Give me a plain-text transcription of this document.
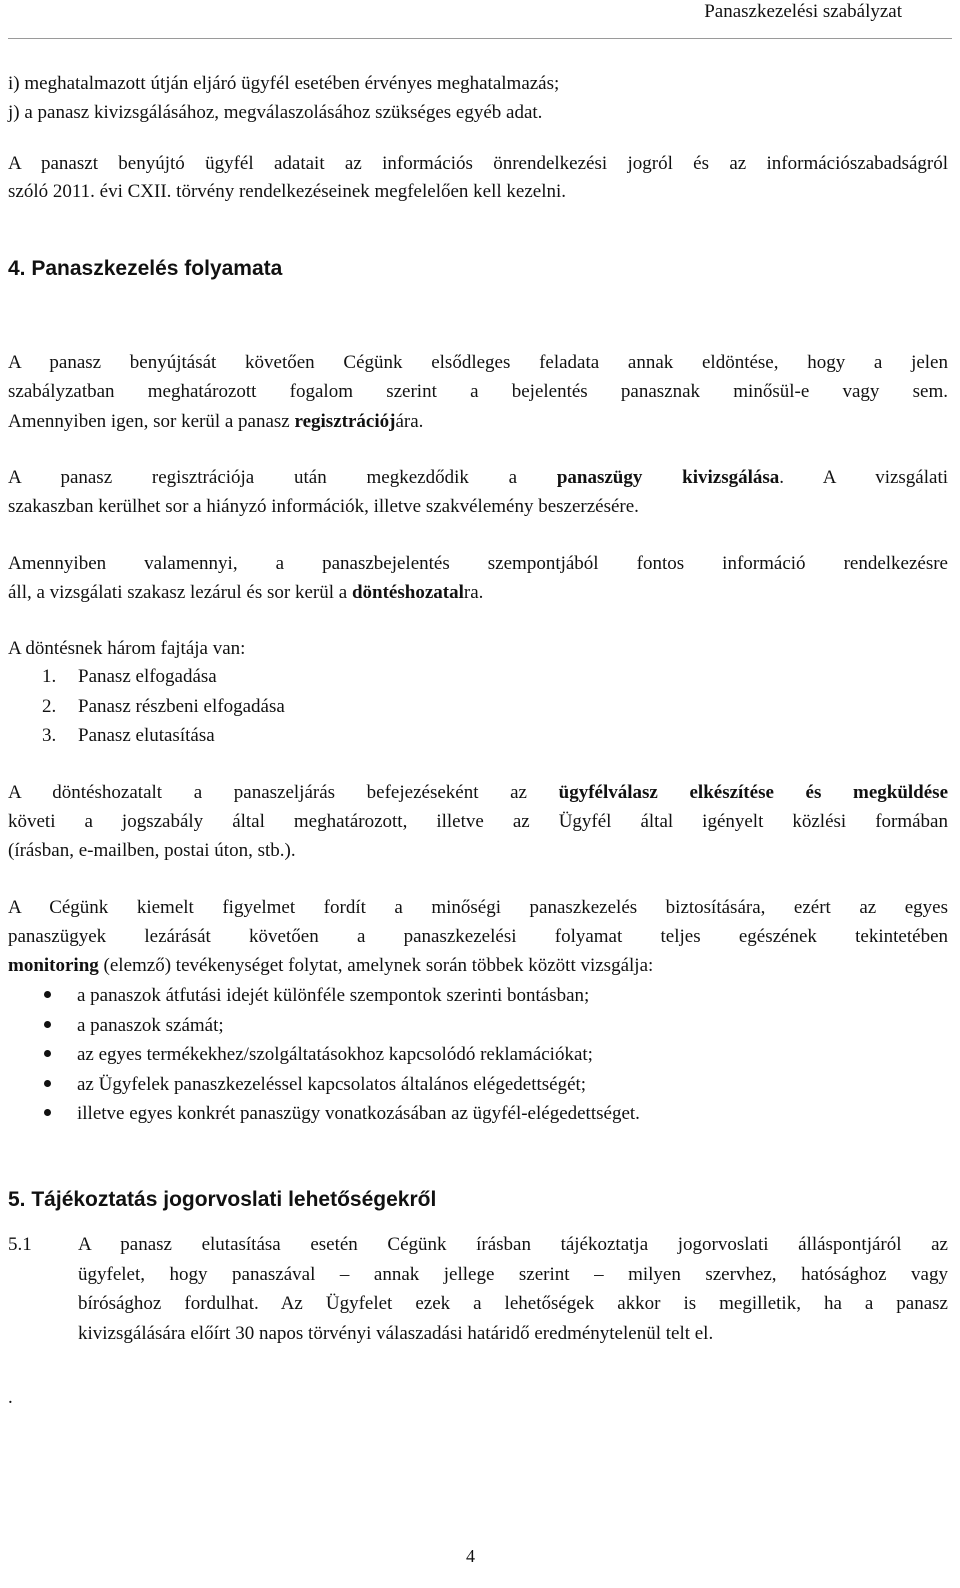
Panaszkezelési szabályzat
i) meghatalmazott útján eljáró ügyfél esetében érvényes meghatalmazás;
j) a panasz kivizsgálásához, megválaszolásához szükséges egyéb adat.
A panaszt benyújtó ügyfél adatait az információs önrendelkezési jogról és az információszabadságról
szóló 2011. évi CXII. törvény rendelkezéseinek megfelelően kell kezelni.
4. Panaszkezelés folyamata
A panasz benyújtását követően Cégünk elsődleges feladata annak eldöntése, hogy a jelen
szabályzatban meghatározott fogalom szerint a bejelentés panasznak minősül-e vagy sem.
Amennyiben igen, sor kerül a panasz regisztrációjára.
A panasz regisztrációja után megkezdődik a panaszügy kivizsgálása. A vizsgálati
szakaszban kerülhet sor a hiányzó információk, illetve szakvélemény beszerzésére.
Amennyiben valamennyi, a panaszbejelentés szempontjából fontos információ rendelkezésre
áll, a vizsgálati szakasz lezárul és sor kerül a döntéshozatalra.
A döntésnek három fajtája van:
1. Panasz elfogadása
2. Panasz részbeni elfogadása
3. Panasz elutasítása
A döntéshozatalt a panaszeljárás befejezéseként az ügyfélválasz elkészítése és megküldése
követi a jogszabály által meghatározott, illetve az Ügyfél által igényelt közlési formában
(írásban, e-mailben, postai úton, stb.).
A Cégünk kiemelt figyelmet fordít a minőségi panaszkezelés biztosítására, ezért az egyes
panaszügyek lezárását követően a panaszkezelési folyamat teljes egészének tekintetében
monitoring (elemző) tevékenységet folytat, amelynek során többek között vizsgálja:
a panaszok átfutási idejét különféle szempontok szerinti bontásban;
a panaszok számát;
az egyes termékekhez/szolgáltatásokhoz kapcsolódó reklamációkat;
az Ügyfelek panaszkezeléssel kapcsolatos általános elégedettségét;
illetve egyes konkrét panaszügy vonatkozásában az ügyfél-elégedettséget.
5. Tájékoztatás jogorvoslati lehetőségekről
5.1 A panasz elutasítása esetén Cégünk írásban tájékoztatja jogorvoslati álláspontjáról az
ügyfelet, hogy panaszával – annak jellege szerint – milyen szervhez, hatósághoz vagy
bírósághoz fordulhat. Az Ügyfelet ezek a lehetőségek akkor is megilletik, ha a panasz
kivizsgálására előírt 30 napos törvényi válaszadási határidő eredménytelenül telt el.
.
4
